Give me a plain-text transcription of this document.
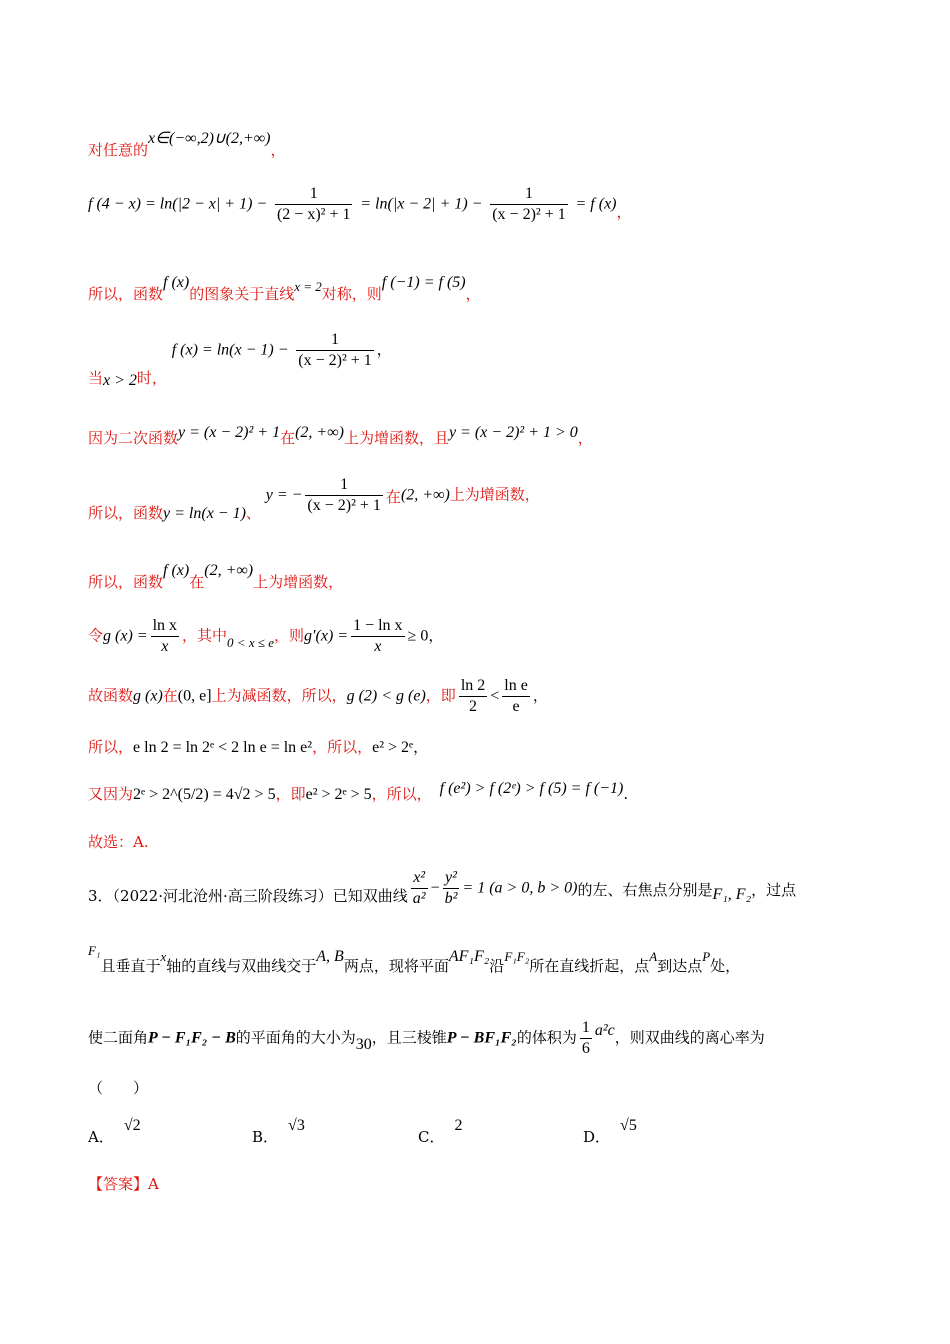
对任意的x∈(−∞,2)∪(2,+∞)，
f $(4 - x) = \ln(|2 - x| + 1) - \frac{1}{\text{(2 − x)² + 1}} = \ln(|x - 2| + 1) - \frac{1}{\text{(x − 2)² + 1}} = f$ (x)，
所以，函数f (x)的图象关于直线x = 2对称，则f (−1) = f (5)，
当x > 2时， f $(x) = \ln(x - 1) - \frac{1}{\text{(x − 2)² + 1}}$ ，
因为二次函数y = (x − 2)² + 1在(2, +∞)上为增函数，且y = (x − 2)² + 1 > 0，
所以，函数y = ln(x − 1)、 y = − $\frac{1}{\text{(x − 2)² + 1}}$ 在(2, +∞)上为增函数，
所以，函数f (x)在(2, +∞)上为增函数，
令g $(x) = \frac{\text{ln x}}{x}$ ，其中0 < x ≤ e，则$g'(x) = \frac{\text{1 − ln x}}{x} \ge 0$，
故函数g (x)在(0, e]上为减函数，所以，g (2) < g (e)，即 $\frac{\ln 2}{2} < \frac{\text{ln e}}{e}$ ，
所以，e ln 2 = ln 2ᵉ < 2 ln e = ln e²，所以，e² > 2ᵉ，
又因为2ᵉ > 2^(5/2) = 4√2 > 5，即e² > 2ᵉ > 5，所以， f (e²) > f (2ᵉ) > f (5) = f (−1).
故选：A.
3．（2022·河北沧州·高三阶段练习）已知双曲线 $\frac{\text{x²}}{\text{a²}} - \frac{\text{y²}}{\text{b²}} = 1$ (a > 0, b > 0)的左、右焦点分别是F₁, F₂，过点
F₁且垂直于x轴的直线与双曲线交于A, B两点，现将平面AF₁F₂沿F₁F₂所在直线折起，点A到达点P处，
使二面角P − F₁F₂ − B的平面角的大小为30，且三棱锥P − BF₁F₂的体积为 $\frac{1}{6} a^2c$，则双曲线的离心率为
（　　）
A．√2
B．√3
C．2
D．√5
【答案】A
